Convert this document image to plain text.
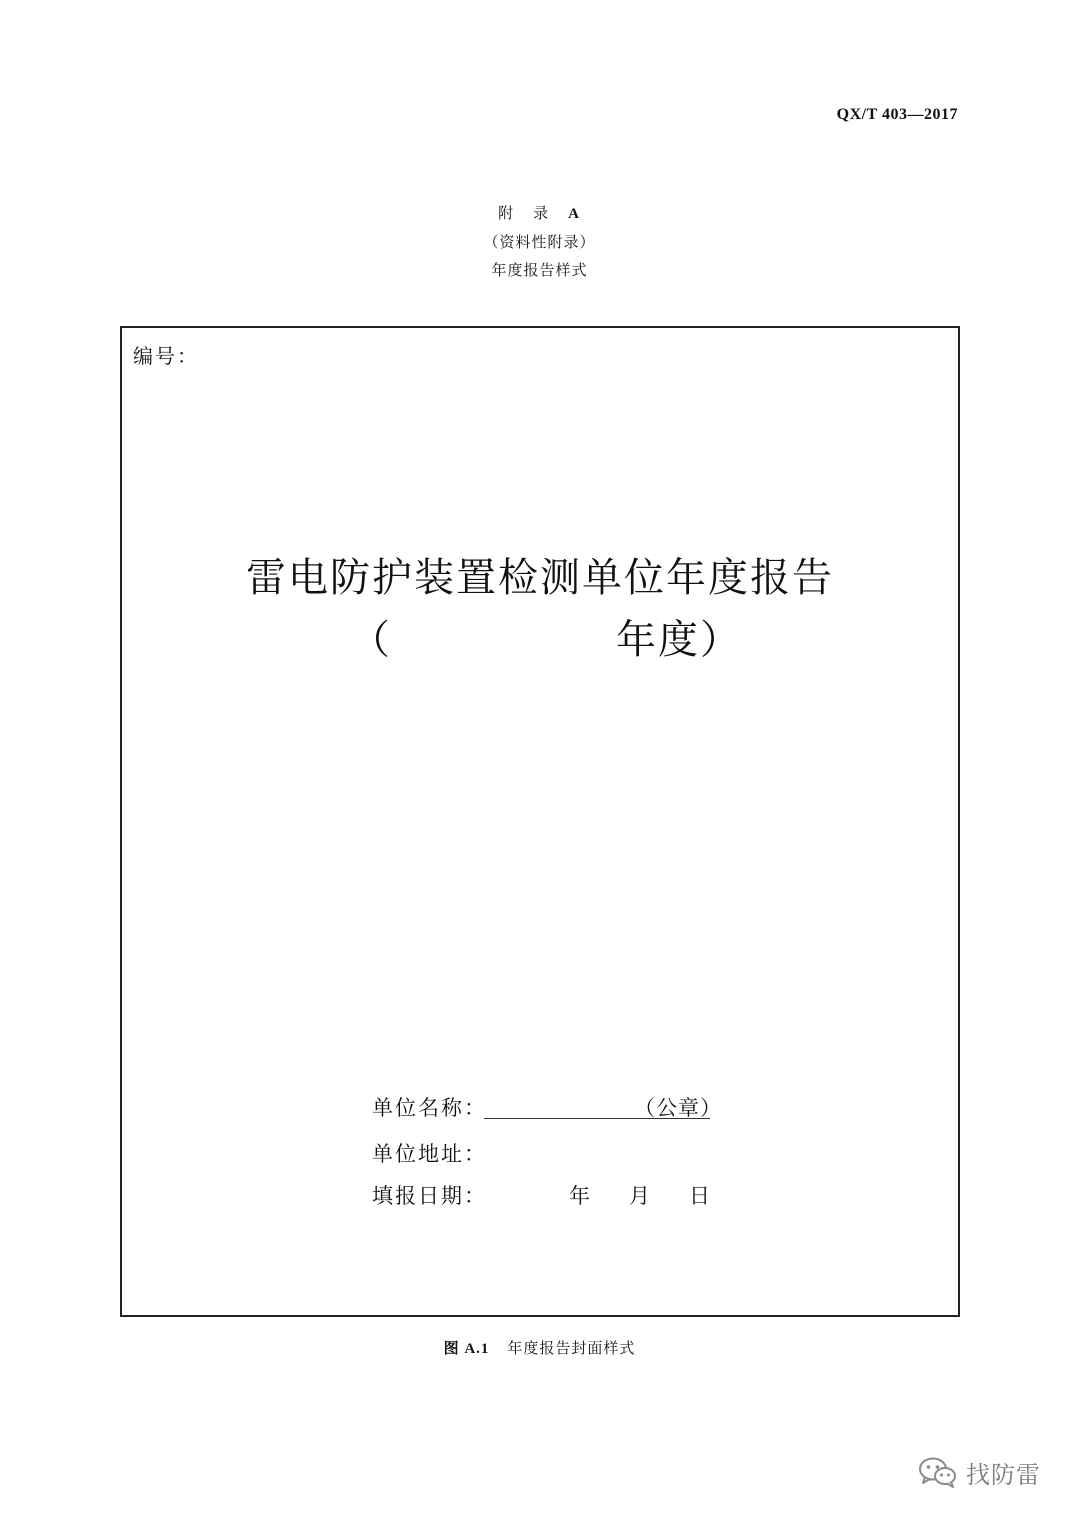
QX/T 403—2017
附 录 A
（资料性附录）
年度报告样式
编号：
雷电防护装置检测单位年度报告
（	年度）
单位名称：	（公章）
单位地址：
填报日期：	年 月 日
图 A.1 年度报告封面样式
找防雷
